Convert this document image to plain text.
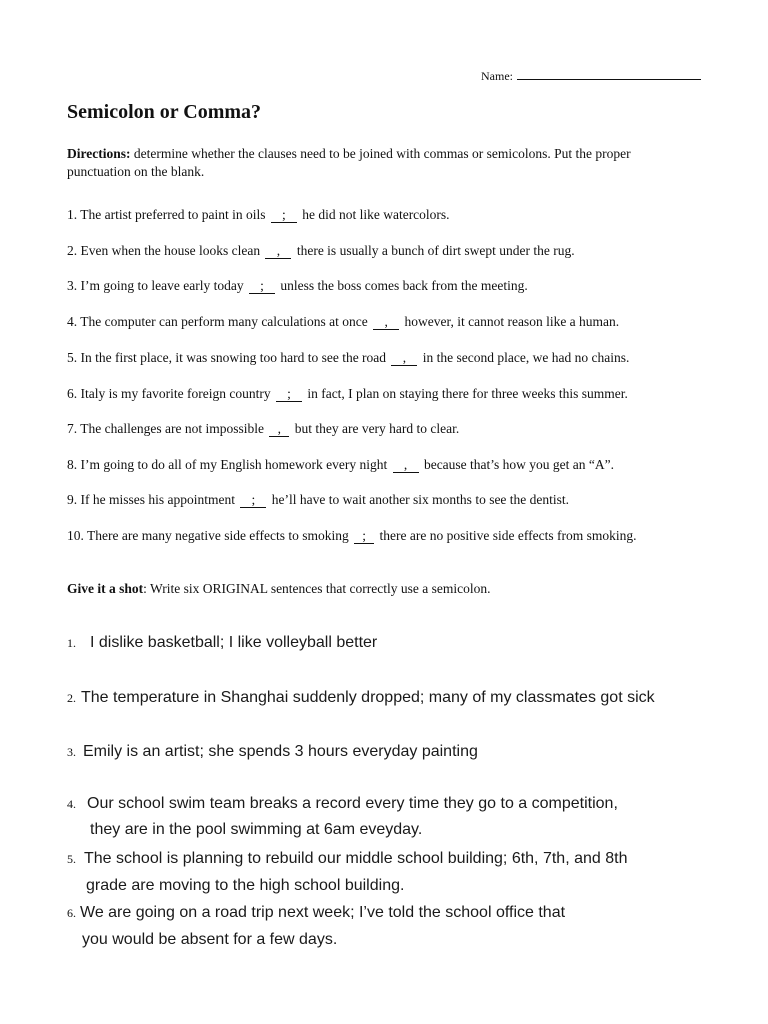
Name:
Semicolon or Comma?
Directions: determine whether the clauses need to be joined with commas or semicolons. Put the proper punctuation on the blank.
1. The artist preferred to paint in oils ; he did not like watercolors.
2. Even when the house looks clean , there is usually a bunch of dirt swept under the rug.
3. I’m going to leave early today ; unless the boss comes back from the meeting.
4. The computer can perform many calculations at once , however, it cannot reason like a human.
5. In the first place, it was snowing too hard to see the road , in the second place, we had no chains.
6. Italy is my favorite foreign country ; in fact, I plan on staying there for three weeks this summer.
7. The challenges are not impossible , but they are very hard to clear.
8. I’m going to do all of my English homework every night , because that’s how you get an “A”.
9. If he misses his appointment ; he’ll have to wait another six months to see the dentist.
10. There are many negative side effects to smoking ; there are no positive side effects from smoking.
Give it a shot: Write six ORIGINAL sentences that correctly use a semicolon.
1. I dislike basketball; I like volleyball better
2. The temperature in Shanghai suddenly dropped; many of my classmates got sick
3. Emily is an artist; she spends 3 hours everyday painting
4. Our school swim team breaks a record every time they go to a competition,
they are in the pool swimming at 6am eveyday.
5. The school is planning to rebuild our middle school building; 6th, 7th, and 8th
grade are moving to the high school building.
6. We are going on a road trip next week; I’ve told the school office that
you would be absent for a few days.
